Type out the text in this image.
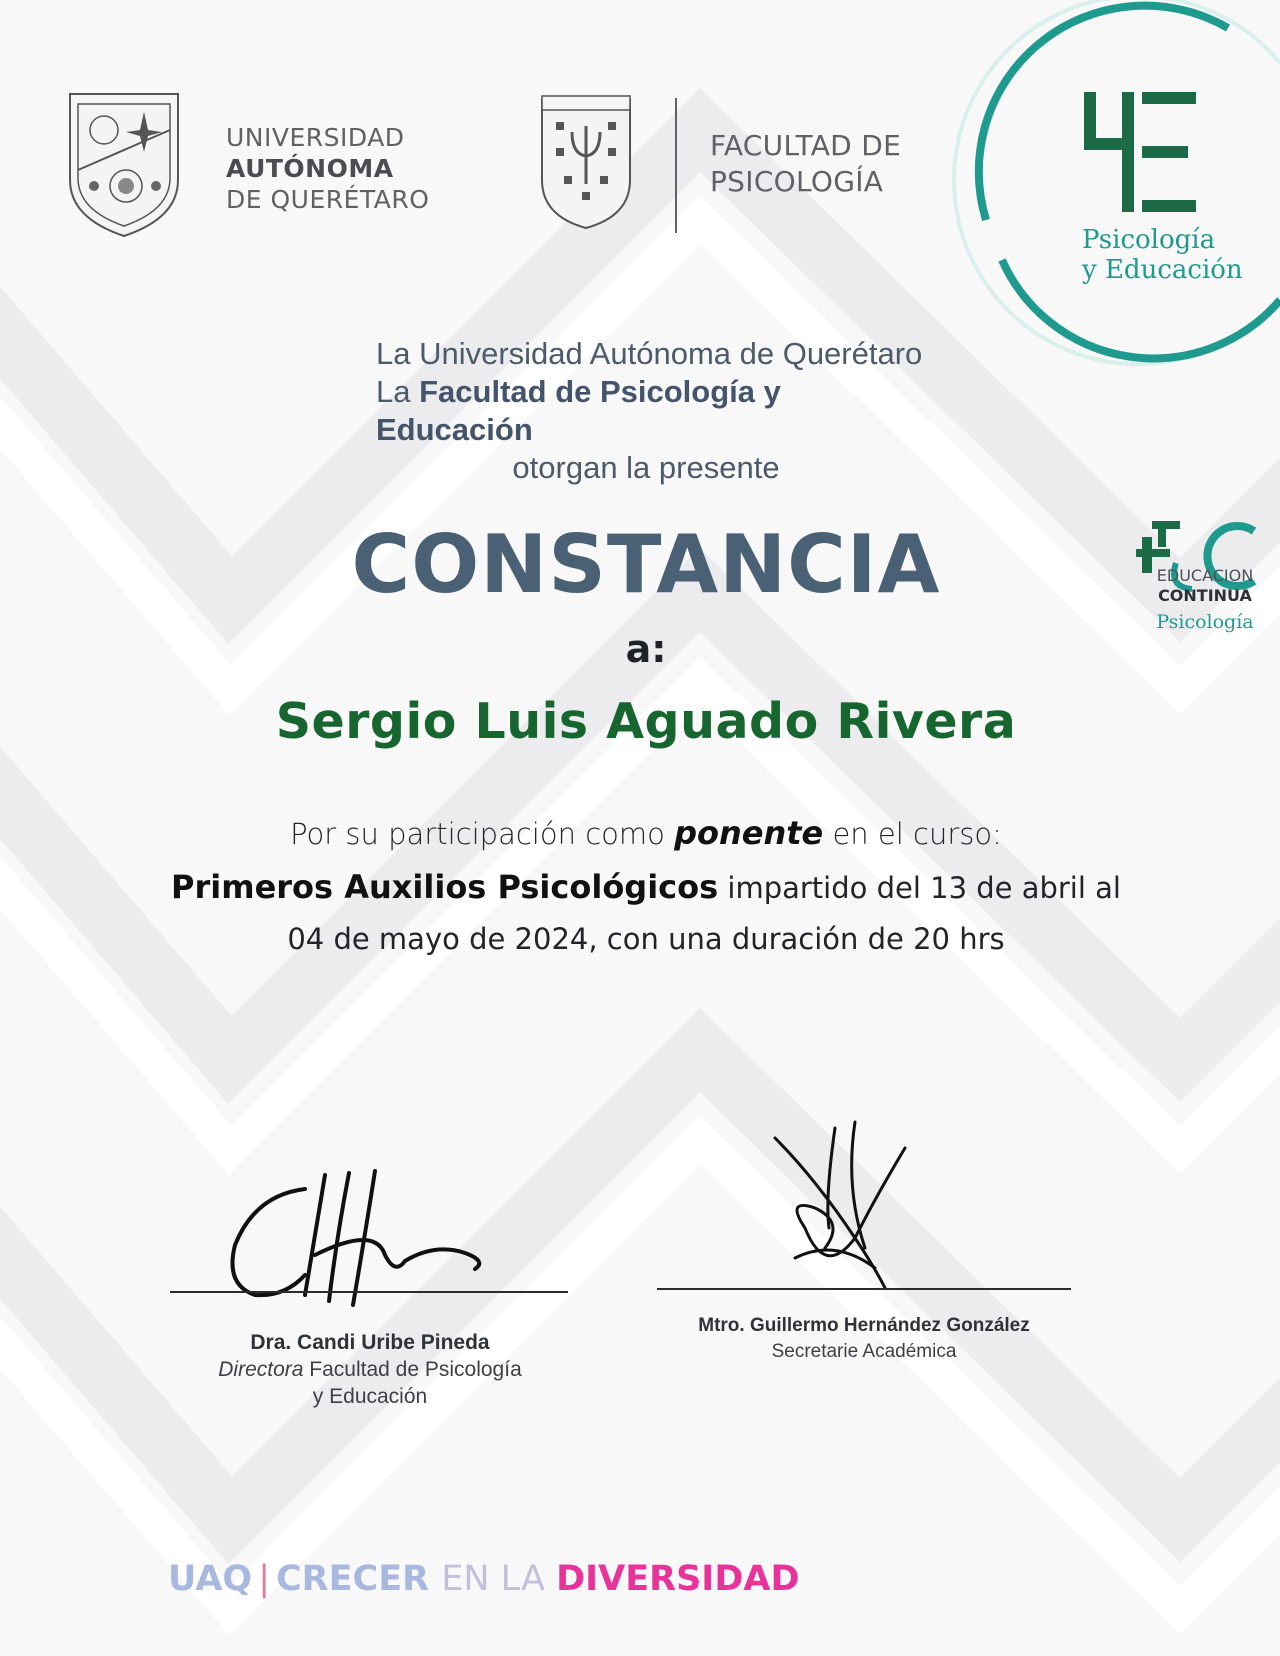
UNIVERSIDAD
AUTÓNOMA
DE QUERÉTARO
FACULTAD DE
PSICOLOGÍA
Psicología
y Educación
EDUCACION
CONTINUA
Psicología
La Universidad Autónoma de Querétaro
La Facultad de Psicología y Educación
otorgan la presente
CONSTANCIA
a:
Sergio Luis Aguado Rivera
Por su participación como ponente en el curso:
Primeros Auxilios Psicológicos impartido del 13 de abril al
04 de mayo de 2024, con una duración de 20 hrs
Dra. Candi Uribe Pineda
Directora Facultad de Psicología
y Educación
Mtro. Guillermo Hernández González
Secretarie Académica
UAQ | CRECER EN LA DIVERSIDAD
